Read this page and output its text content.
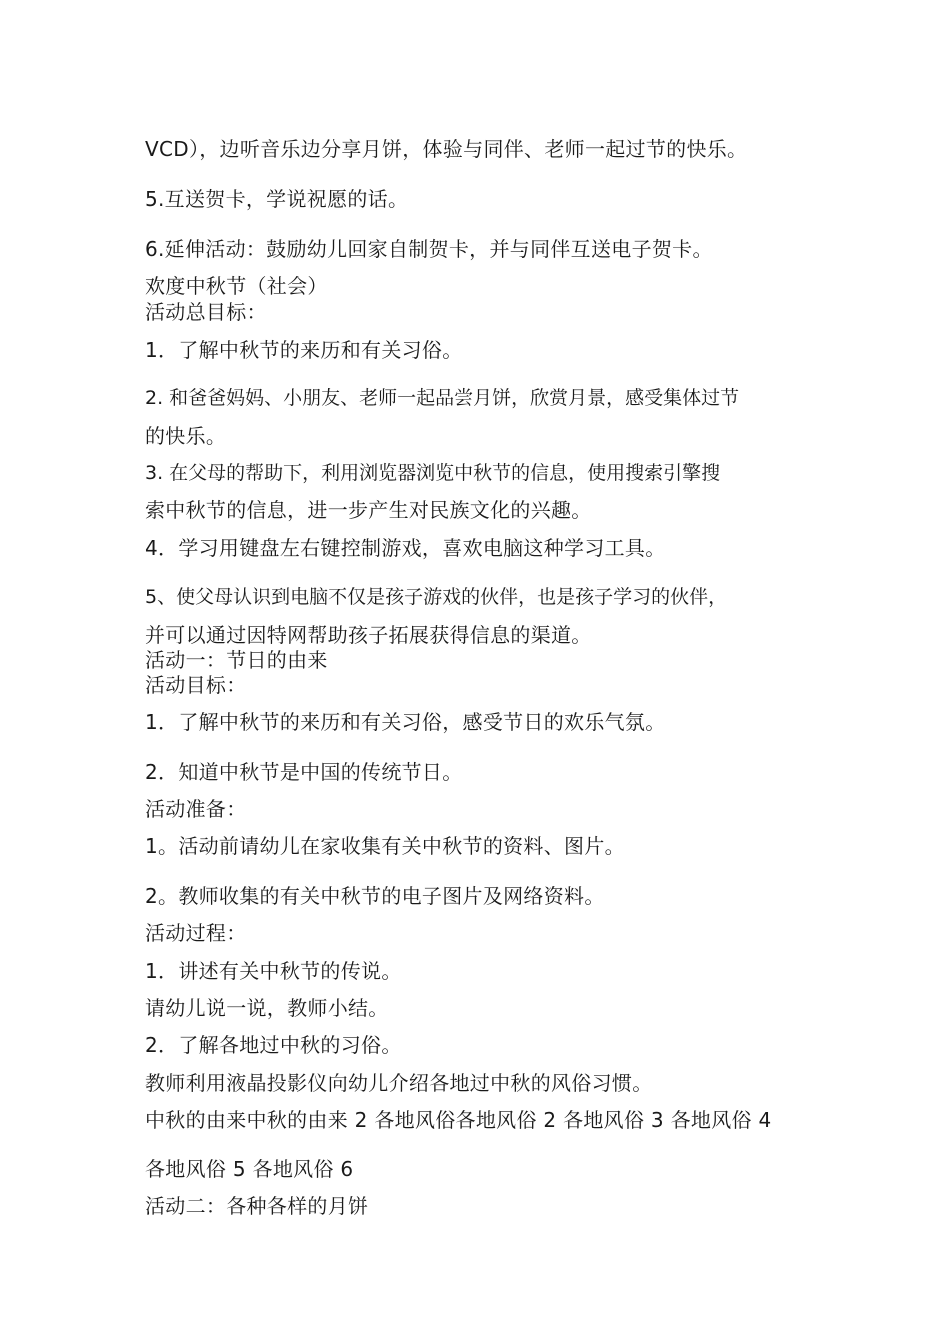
VCD），边听音乐边分享月饼，体验与同伴、老师一起过节的快乐。
5.互送贺卡，学说祝愿的话。
6.延伸活动：鼓励幼儿回家自制贺卡，并与同伴互送电子贺卡。
欢度中秋节（社会）
活动总目标：
1．了解中秋节的来历和有关习俗。
2. 和爸爸妈妈、小朋友、老师一起品尝月饼，欣赏月景，感受集体过节
的快乐。
3. 在父母的帮助下，利用浏览器浏览中秋节的信息，使用搜索引擎搜
索中秋节的信息，进一步产生对民族文化的兴趣。
4．学习用键盘左右键控制游戏，喜欢电脑这种学习工具。
5、使父母认识到电脑不仅是孩子游戏的伙伴，也是孩子学习的伙伴，
并可以通过因特网帮助孩子拓展获得信息的渠道。
活动一：节日的由来
活动目标：
1．了解中秋节的来历和有关习俗，感受节日的欢乐气氛。
2．知道中秋节是中国的传统节日。
活动准备：
1。活动前请幼儿在家收集有关中秋节的资料、图片。
2。教师收集的有关中秋节的电子图片及网络资料。
活动过程：
1．讲述有关中秋节的传说。
请幼儿说一说，教师小结。
2．了解各地过中秋的习俗。
教师利用液晶投影仪向幼儿介绍各地过中秋的风俗习惯。
中秋的由来中秋的由来 2 各地风俗各地风俗 2 各地风俗 3 各地风俗 4
各地风俗 5 各地风俗 6
活动二：各种各样的月饼
